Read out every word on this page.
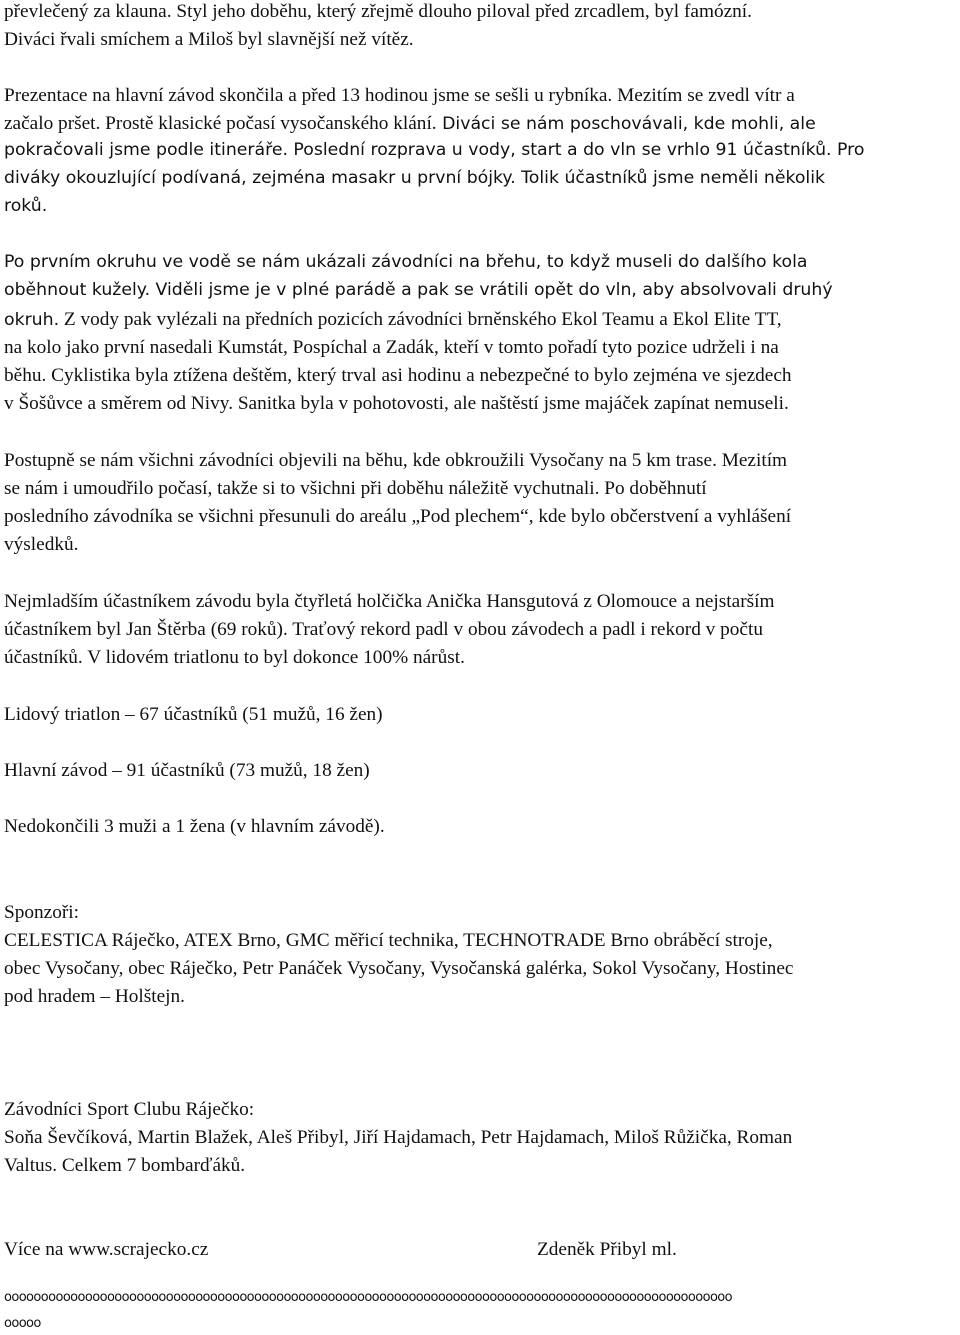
převlečený za klauna. Styl jeho doběhu, který zřejmě dlouho piloval před zrcadlem, byl famózní.
Diváci řvali smíchem a Miloš byl slavnější než vítěz.
Prezentace na hlavní závod skončila a před 13 hodinou jsme se sešli u rybníka. Mezitím se zvedl vítr a
začalo pršet. Prostě klasické počasí vysočanského klání. Diváci se nám poschovávali, kde mohli, ale
pokračovali jsme podle itineráře. Poslední rozprava u vody, start a do vln se vrhlo 91 účastníků. Pro
diváky okouzlující podívaná, zejména masakr u první bójky. Tolik účastníků jsme neměli několik
roků.
Po prvním okruhu ve vodě se nám ukázali závodníci na břehu, to když museli do dalšího kola
oběhnout kužely. Viděli jsme je v plné parádě a pak se vrátili opět do vln, aby absolvovali druhý
okruh. Z vody pak vylézali na předních pozicích závodníci brněnského Ekol Teamu a Ekol Elite TT,
na kolo jako první nasedali Kumstát, Pospíchal a Zadák, kteří v tomto pořadí tyto pozice udrželi i na
běhu. Cyklistika byla ztížena deštěm, který trval asi hodinu a nebezpečné to bylo zejména ve sjezdech
v Šošůvce a směrem od Nivy. Sanitka byla v pohotovosti, ale naštěstí jsme majáček zapínat nemuseli.
Postupně se nám všichni závodníci objevili na běhu, kde obkroužili Vysočany na 5 km trase. Mezitím
se nám i umoudřilo počasí, takže si to všichni při doběhu náležitě vychutnali. Po doběhnutí
posledního závodníka se všichni přesunuli do areálu „Pod plechem“, kde bylo občerstvení a vyhlášení
výsledků.
Nejmladším účastníkem závodu byla čtyřletá holčička Anička Hansgutová z Olomouce a nejstarším
účastníkem byl Jan Štěrba (69 roků). Traťový rekord padl v obou závodech a padl i rekord v počtu
účastníků. V lidovém triatlonu to byl dokonce 100% nárůst.
Lidový triatlon – 67 účastníků (51 mužů, 16 žen)
Hlavní závod – 91 účastníků (73 mužů, 18 žen)
Nedokončili 3 muži a 1 žena (v hlavním závodě).
Sponzoři:
CELESTICA Ráječko, ATEX Brno, GMC měřicí technika, TECHNOTRADE Brno obráběcí stroje,
obec Vysočany, obec Ráječko, Petr Panáček Vysočany, Vysočanská galérka, Sokol Vysočany, Hostinec
pod hradem – Holštejn.
Závodníci Sport Clubu Ráječko:
Soňa Ševčíková, Martin Blažek, Aleš Přibyl, Jiří Hajdamach, Petr Hajdamach, Miloš Růžička, Roman
Valtus. Celkem 7 bombarďáků.
Více na www.scrajecko.cz	Zdeněk Přibyl ml.
ooooooooooooooooooooooooooooooooooooooooooooooooooooooooooooooooooooooooooooooooooooooooooooooooooo
ooooo
